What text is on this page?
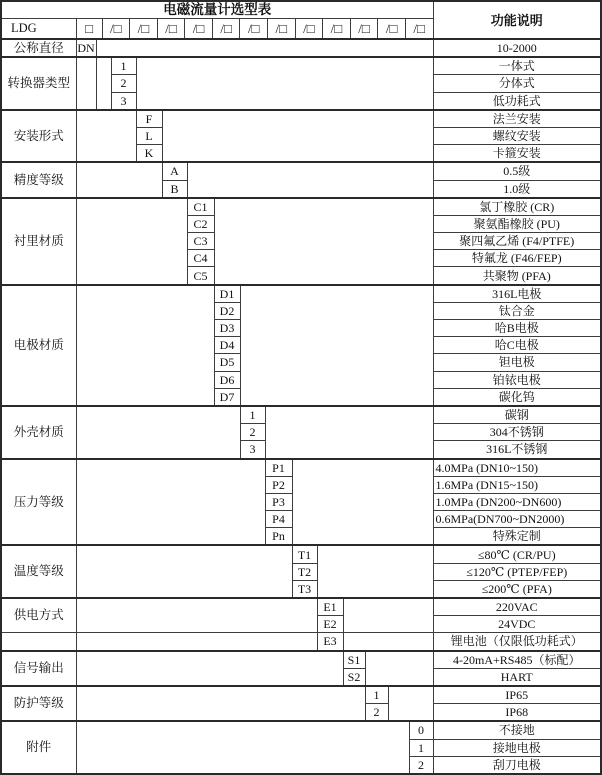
电磁流量计选型表																功能说明
LDG	□	/□	/□	/□	/□	/□	/□	/□	/□	/□	/□	/□	/□

公称直径	DN															10-2000
转换器类型			1													一体式
			2													分体式
			3													低功耗式
安装形式				F												法兰安装
				L												螺纹安装
				K												卡箍安装
精度等级					A											0.5级
					B											1.0级
衬里材质						C1										氯丁橡胶 (CR)
						C2										聚氨酯橡胶 (PU)
						C3										聚四氟乙烯 (F4/PTFE)
						C4										特氟龙 (F46/FEP)
						C5										共聚物 (PFA)
电极材质							D1									316L电极
							D2									钛合金
							D3									哈B电极
							D4									哈C电极
							D5									钽电极
							D6									铂铱电极
							D7									碳化钨
外壳材质								1								碳钢
								2								304不锈钢
								3								316L不锈钢
压力等级									P1							4.0MPa (DN10~150)
									P2							1.6MPa (DN15~150)
									P3							1.0MPa (DN200~DN600)
									P4							0.6MPa(DN700~DN2000)
									Pn							特殊定制
温度等级										T1						≤80℃ (CR/PU)
										T2						≤120℃ (PTEP/FEP)
										T3						≤200℃ (PFA)
供电方式											E1					220VAC
											E2					24VDC
											E3					锂电池（仅限低功耗式）
信号输出												S1				4-20mA+RS485（标配）
												S2				HART
防护等级													1			IP65
													2			IP68
附件															0	不接地
															1	接地电极
															2	刮刀电极
